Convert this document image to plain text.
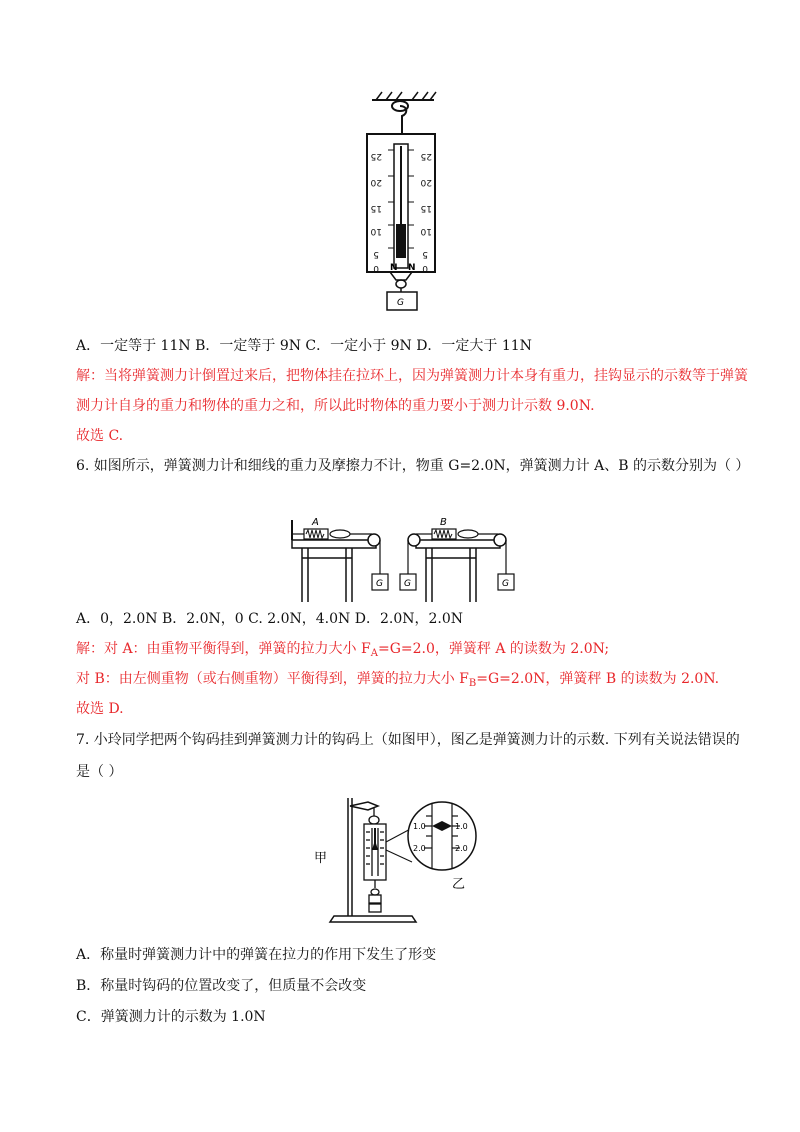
25
20
15
10
5
0
25
20
15
10
5
0
N N
G
A．一定等于 11N B．一定等于 9N C．一定小于 9N D．一定大于 11N
解：当将弹簧测力计倒置过来后，把物体挂在拉环上，因为弹簧测力计本身有重力，挂钩显示的示数等于弹簧
测力计自身的重力和物体的重力之和，所以此时物体的重力要小于测力计示数 9.0N.
故选 C.
6. 如图所示，弹簧测力计和细线的重力及摩擦力不计，物重 G=2.0N，弹簧测力计 A、B 的示数分别为（ ）
A
G
B
G	G
A．0，2.0N B．2.0N，0 C. 2.0N，4.0N D．2.0N，2.0N
解：对 A：由重物平衡得到，弹簧的拉力大小 $F_A=G=2.0$，弹簧秤 A 的读数为 2.0N;
对 B：由左侧重物（或右侧重物）平衡得到，弹簧的拉力大小 $F_B=G=2.0N$，弹簧秤 B 的读数为 2.0N.
故选 D.
7. 小玲同学把两个钩码挂到弹簧测力计的钩码上（如图甲），图乙是弹簧测力计的示数. 下列有关说法错误的
是（ ）
甲
1.0	1.0
2.0	2.0
乙
A．称量时弹簧测力计中的弹簧在拉力的作用下发生了形变
B．称量时钩码的位置改变了，但质量不会改变
C．弹簧测力计的示数为 1.0N
